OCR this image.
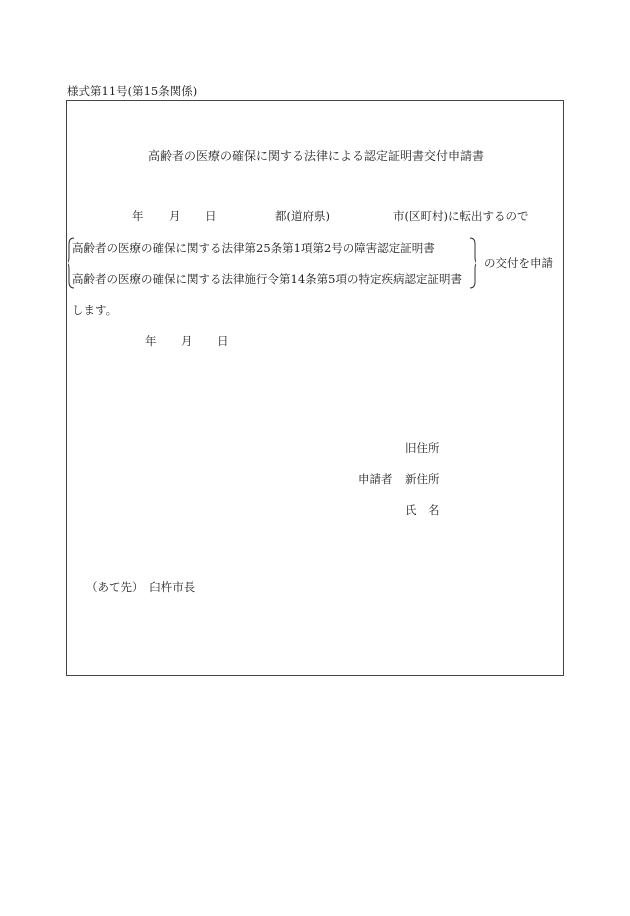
様式第11号(第15条関係)
高齢者の医療の確保に関する法律による認定証明書交付申請書
年 月 日	都(道府県)	市(区町村)に転出するので
高齢者の医療の確保に関する法律第25条第1項第2号の障害認定証明書
高齢者の医療の確保に関する法律施行令第14条第5項の特定疾病認定証明書
の交付を申請
します。
年 月 日
旧住所
申請者 新住所
氏　名
（あて先）　臼杵市長
